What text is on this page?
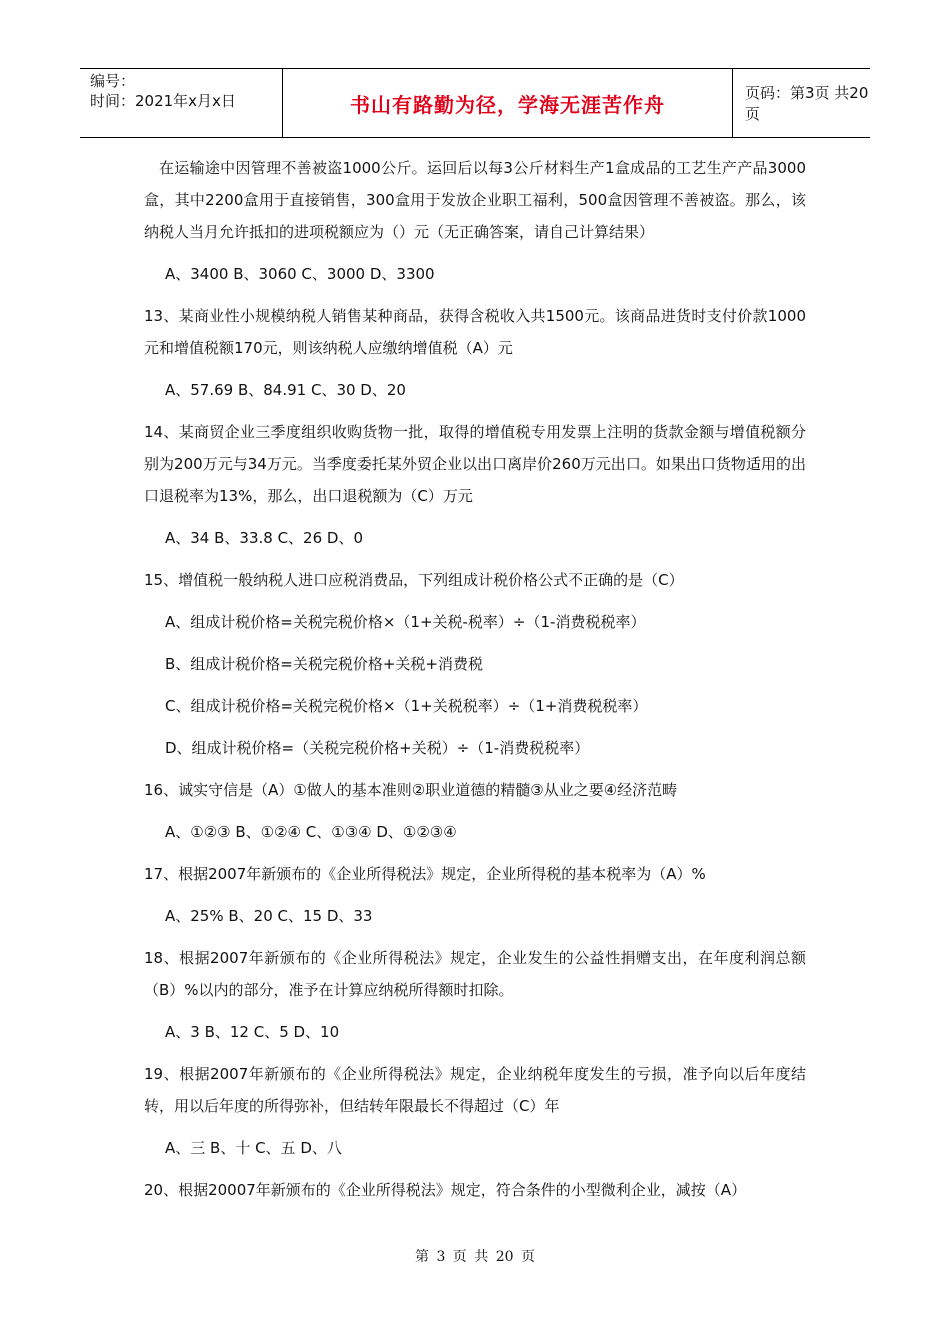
编号：
时间：2021年x月x日	书山有路勤为径，学海无涯苦作舟	页码：第3页 共20页

在运输途中因管理不善被盗1000公斤。运回后以每3公斤材料生产1盒成品的工艺生产产品3000盒，其中2200盒用于直接销售，300盒用于发放企业职工福利，500盒因管理不善被盗。那么，该纳税人当月允许抵扣的进项税额应为（）元（无正确答案，请自己计算结果）

A、3400 B、3060 C、3000 D、3300

13、某商业性小规模纳税人销售某种商品，获得含税收入共1500元。该商品进货时支付价款1000元和增值税额170元，则该纳税人应缴纳增值税（A）元

A、57.69 B、84.91 C、30 D、20

14、某商贸企业三季度组织收购货物一批，取得的增值税专用发票上注明的货款金额与增值税额分别为200万元与34万元。当季度委托某外贸企业以出口离岸价260万元出口。如果出口货物适用的出口退税率为13%，那么，出口退税额为（C）万元

A、34 B、33.8 C、26 D、0

15、增值税一般纳税人进口应税消费品，下列组成计税价格公式不正确的是（C）

A、组成计税价格=关税完税价格×（1+关税-税率）÷（1-消费税税率）

B、组成计税价格=关税完税价格+关税+消费税

C、组成计税价格=关税完税价格×（1+关税税率）÷（1+消费税税率）

D、组成计税价格=（关税完税价格+关税）÷（1-消费税税率）

16、诚实守信是（A）①做人的基本准则②职业道德的精髓③从业之要④经济范畴

A、①②③ B、①②④ C、①③④ D、①②③④

17、根据2007年新颁布的《企业所得税法》规定，企业所得税的基本税率为（A）%

A、25% B、20 C、15 D、33

18、根据2007年新颁布的《企业所得税法》规定，企业发生的公益性捐赠支出，在年度利润总额（B）%以内的部分，准予在计算应纳税所得额时扣除。

A、3 B、12 C、5 D、10

19、根据2007年新颁布的《企业所得税法》规定，企业纳税年度发生的亏损，准予向以后年度结转，用以后年度的所得弥补，但结转年限最长不得超过（C）年

A、三 B、十 C、五 D、八

20、根据20007年新颁布的《企业所得税法》规定，符合条件的小型微利企业，减按（A）

第 3 页 共 20 页
